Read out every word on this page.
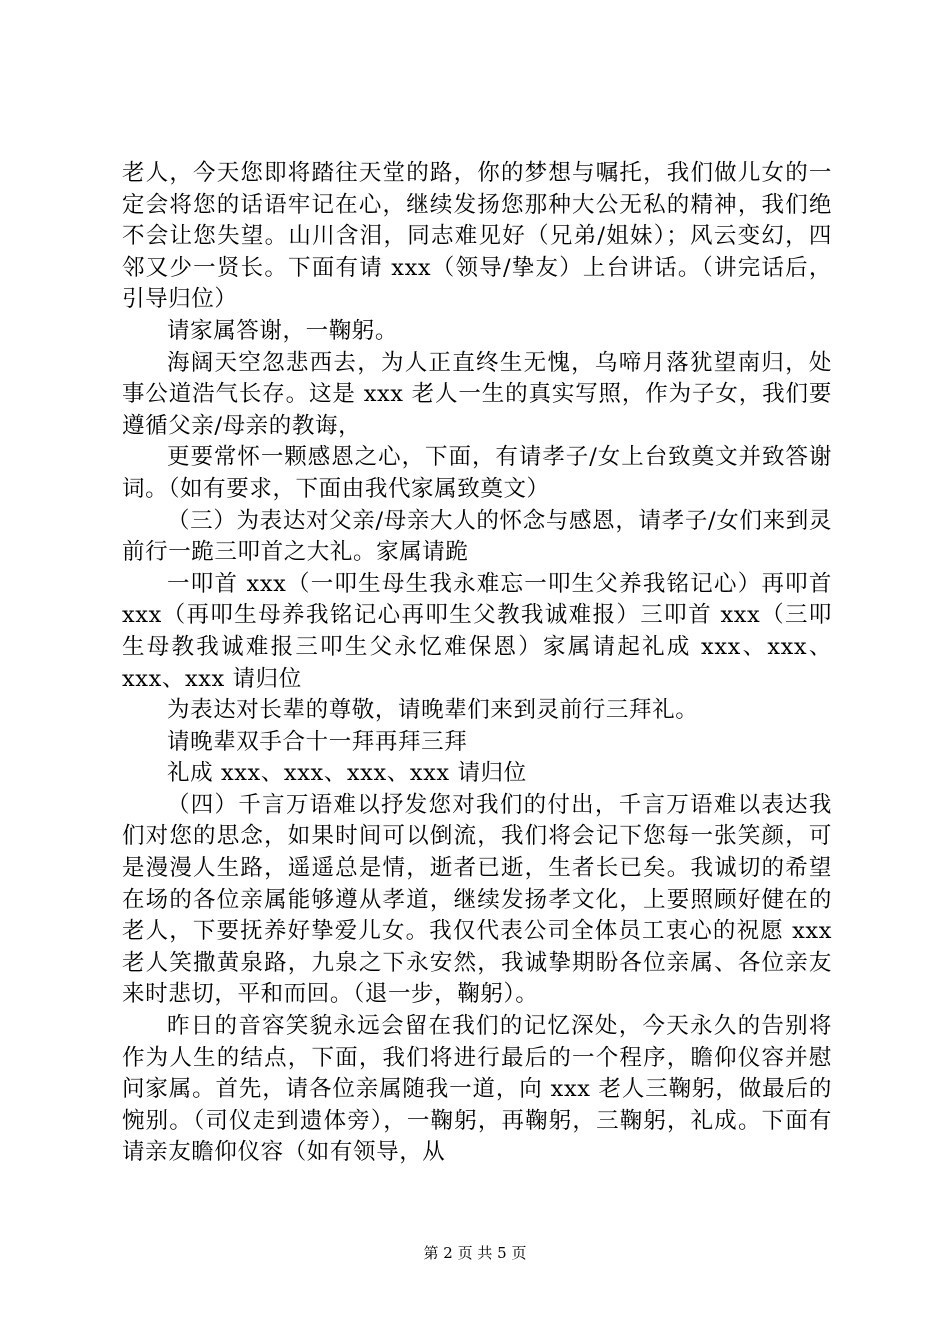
老人，今天您即将踏往天堂的路，你的梦想与嘱托，我们做儿女的一定会将您的话语牢记在心，继续发扬您那种大公无私的精神，我们绝不会让您失望。山川含泪，同志难见好（兄弟/姐妹）；风云变幻，四邻又少一贤长。下面有请 xxx（领导/挚友）上台讲话。（讲完话后，引导归位）

请家属答谢，一鞠躬。

海阔天空忽悲西去，为人正直终生无愧，乌啼月落犹望南归，处事公道浩气长存。这是 xxx 老人一生的真实写照，作为子女，我们要遵循父亲/母亲的教诲，

更要常怀一颗感恩之心，下面，有请孝子/女上台致奠文并致答谢词。（如有要求，下面由我代家属致奠文）

（三）为表达对父亲/母亲大人的怀念与感恩，请孝子/女们来到灵前行一跪三叩首之大礼。家属请跪

一叩首 xxx（一叩生母生我永难忘一叩生父养我铭记心）再叩首 xxx（再叩生母养我铭记心再叩生父教我诚难报）三叩首 xxx（三叩生母教我诚难报三叩生父永忆难保恩）家属请起礼成 xxx、xxx、xxx、xxx 请归位

为表达对长辈的尊敬，请晚辈们来到灵前行三拜礼。

请晚辈双手合十一拜再拜三拜

礼成 xxx、xxx、xxx、xxx 请归位

（四）千言万语难以抒发您对我们的付出，千言万语难以表达我们对您的思念，如果时间可以倒流，我们将会记下您每一张笑颜，可是漫漫人生路，遥遥总是情，逝者已逝，生者长已矣。我诚切的希望在场的各位亲属能够遵从孝道，继续发扬孝文化，上要照顾好健在的老人，下要抚养好挚爱儿女。我仅代表公司全体员工衷心的祝愿 xxx 老人笑撒黄泉路，九泉之下永安然，我诚挚期盼各位亲属、各位亲友来时悲切，平和而回。（退一步，鞠躬）。

昨日的音容笑貌永远会留在我们的记忆深处，今天永久的告别将作为人生的结点，下面，我们将进行最后的一个程序，瞻仰仪容并慰问家属。首先，请各位亲属随我一道，向 xxx 老人三鞠躬，做最后的惋别。（司仪走到遗体旁），一鞠躬，再鞠躬，三鞠躬，礼成。下面有请亲友瞻仰仪容（如有领导，从

第 2 页 共 5 页
